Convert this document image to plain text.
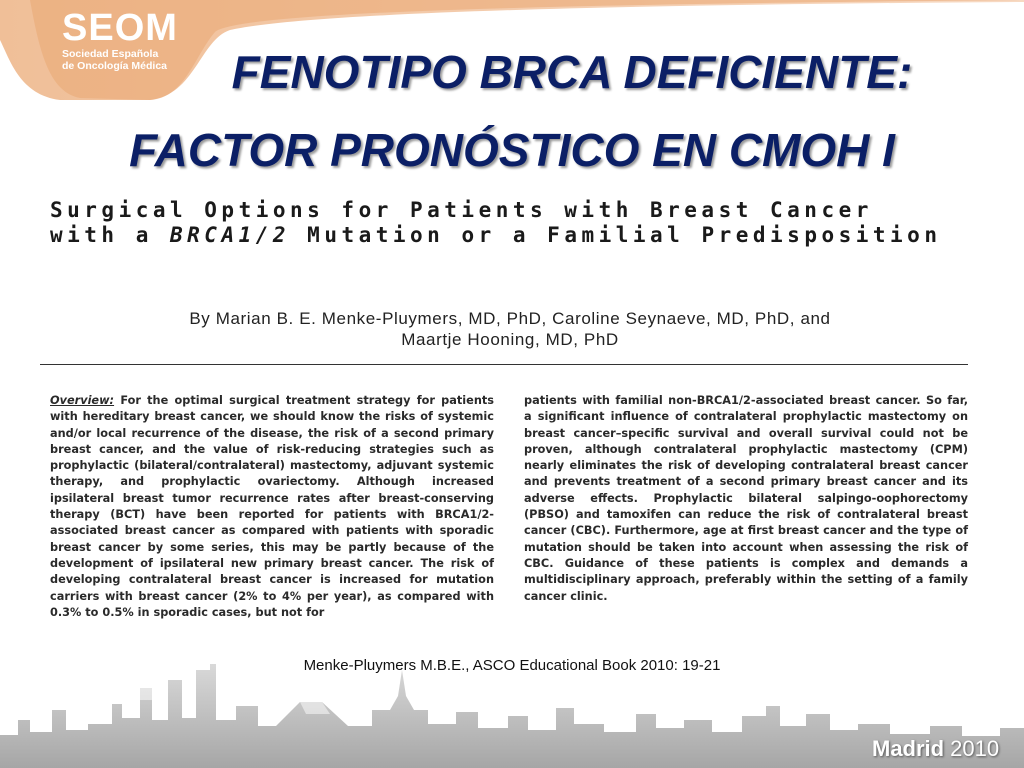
SEOM
Sociedad Española
de Oncología Médica	FENOTIPO BRCA DEFICIENTE:
FACTOR PRONÓSTICO EN CMOH I
Surgical Options for Patients with Breast Cancer with a BRCA1/2 Mutation or a Familial Predisposition
By Marian B. E. Menke-Pluymers, MD, PhD, Caroline Seynaeve, MD, PhD, and
Maartje Hooning, MD, PhD
Overview: For the optimal surgical treatment strategy for patients with hereditary breast cancer, we should know the risks of systemic and/or local recurrence of the disease, the risk of a second primary breast cancer, and the value of risk-reducing strategies such as prophylactic (bilateral/contralateral) mastectomy, adjuvant systemic therapy, and prophylactic ovariectomy. Although increased ipsilateral breast tumor recurrence rates after breast-conserving therapy (BCT) have been reported for patients with BRCA1/2-associated breast cancer as compared with patients with sporadic breast cancer by some series, this may be partly because of the development of ipsilateral new primary breast cancer. The risk of developing contralateral breast cancer is increased for mutation carriers with breast cancer (2% to 4% per year), as compared with 0.3% to 0.5% in sporadic cases, but not for
patients with familial non-BRCA1/2-associated breast cancer. So far, a significant influence of contralateral prophylactic mastectomy on breast cancer–specific survival and overall survival could not be proven, although contralateral prophylactic mastectomy (CPM) nearly eliminates the risk of developing contralateral breast cancer and prevents treatment of a second primary breast cancer and its adverse effects. Prophylactic bilateral salpingo-oophorectomy (PBSO) and tamoxifen can reduce the risk of contralateral breast cancer (CBC). Furthermore, age at first breast cancer and the type of mutation should be taken into account when assessing the risk of CBC. Guidance of these patients is complex and demands a multidisciplinary approach, preferably within the setting of a family cancer clinic.
Madrid 2010
Menke-Pluymers M.B.E., ASCO Educational Book 2010: 19-21
